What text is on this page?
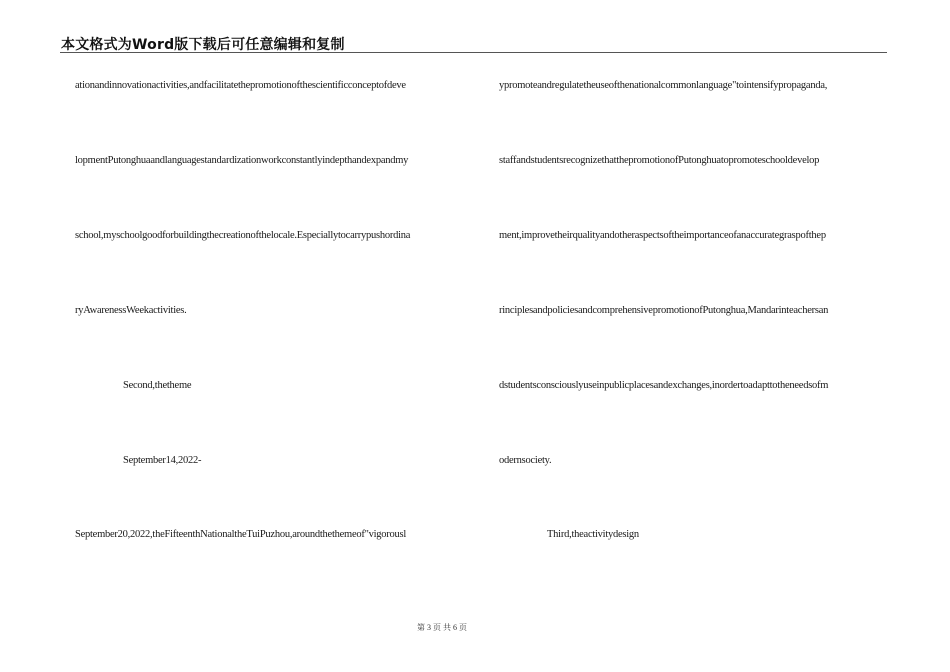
本文格式为Word版下载后可任意编辑和复制
ationandinnovationactivities,andfacilitatethepromotionofthescientificconceptofdeve
lopmentPutonghuaandlanguagestandardizationworkconstantlyindepthandexpandmy
school,myschoolgoodforbuildingthecreationofthelocale.Especiallytocarrypushordina
ryAwarenessWeekactivities.
Second,thetheme
September14,2022-
September20,2022,theFifteenthNationaltheTuiPuzhou,aroundthethemeof"vigorousl
ypromoteandregulatetheuseofthenationalcommonlanguage"tointensifypropaganda,
staffandstudentsrecognizethatthepromotionofPutonghuatopromoteschooldevelop
ment,improvetheirqualityandotheraspectsoftheimportanceofanaccurategraspofthep
rinciplesandpoliciesandcomprehensivepromotionofPutonghua,Mandarinteachersan
dstudentsconsciouslyuseinpublicplacesandexchanges,inordertoadapttotheneedsofm
odernsociety.
Third,theactivitydesign
第 3 页 共 6 页
